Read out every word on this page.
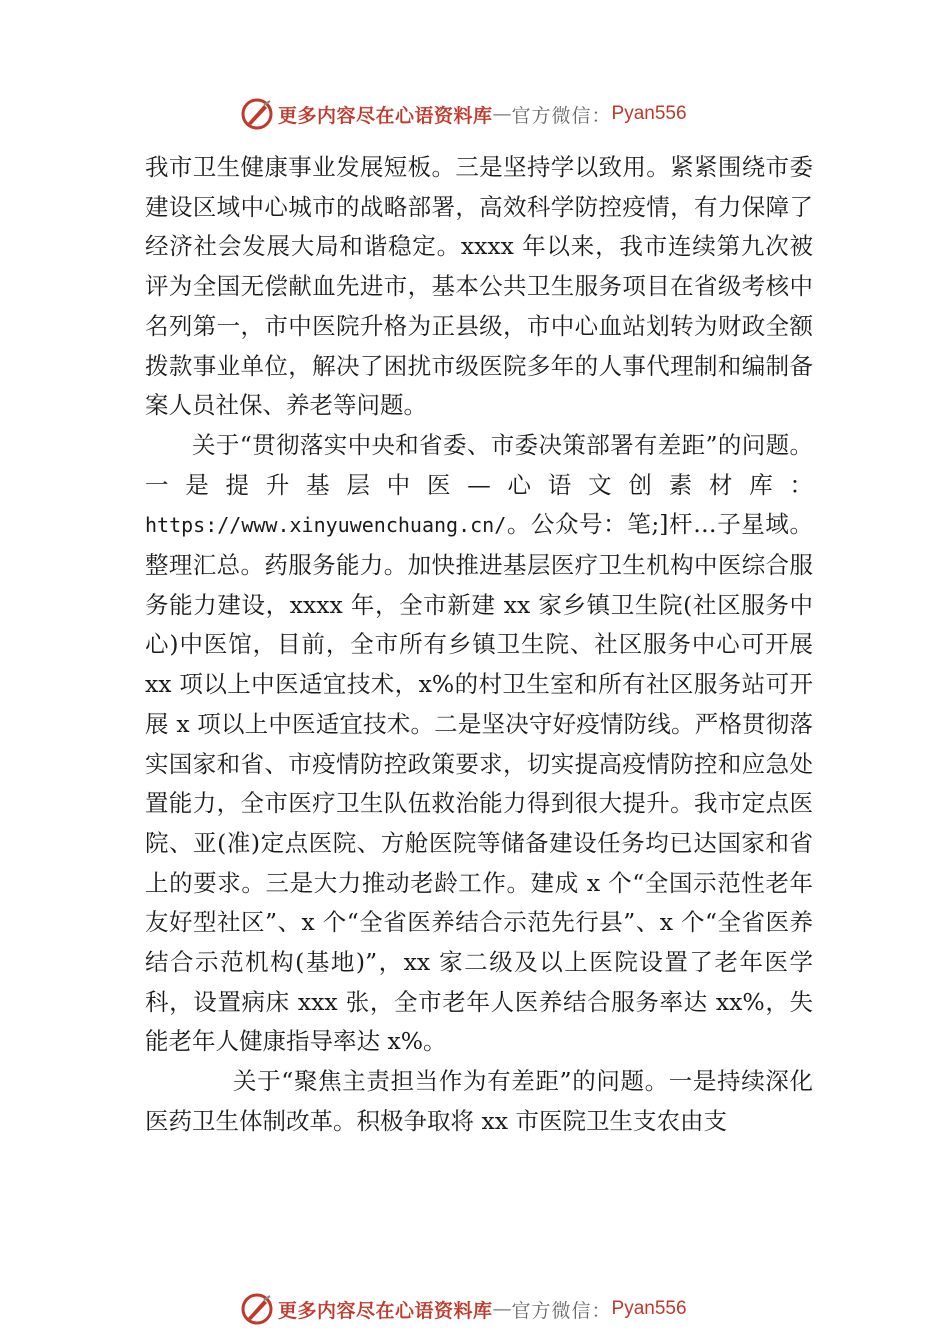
更多内容尽在心语资料库 — 官方微信： Pyan556

我市卫生健康事业发展短板。三是坚持学以致用。紧紧围绕市委建设区域中心城市的战略部署，高效科学防控疫情，有力保障了经济社会发展大局和谐稳定。xxxx 年以来，我市连续第九次被评为全国无偿献血先进市，基本公共卫生服务项目在省级考核中名列第一，市中医院升格为正县级，市中心血站划转为财政全额拨款事业单位，解决了困扰市级医院多年的人事代理制和编制备案人员社保、养老等问题。

关于“贯彻落实中央和省委、市委决策部署有差距”的问题。一是提升基层中医—心语文创素材库：https://www.xinyuwenchuang.cn/。公众号：笔;]杆…子星域。整理汇总。药服务能力。加快推进基层医疗卫生机构中医综合服务能力建设，xxxx 年，全市新建 xx 家乡镇卫生院(社区服务中心)中医馆，目前，全市所有乡镇卫生院、社区服务中心可开展 xx 项以上中医适宜技术，x%的村卫生室和所有社区服务站可开展 x 项以上中医适宜技术。二是坚决守好疫情防线。严格贯彻落实国家和省、市疫情防控政策要求，切实提高疫情防控和应急处置能力，全市医疗卫生队伍救治能力得到很大提升。我市定点医院、亚(准)定点医院、方舱医院等储备建设任务均已达国家和省上的要求。三是大力推动老龄工作。建成 x 个“全国示范性老年友好型社区”、x 个“全省医养结合示范先行县”、x 个“全省医养结合示范机构(基地)”，xx 家二级及以上医院设置了老年医学科，设置病床 xxx 张，全市老年人医养结合服务率达 xx%，失能老年人健康指导率达 x%。

关于“聚焦主责担当作为有差距”的问题。一是持续深化医药卫生体制改革。积极争取将 xx 市医院卫生支农由支

更多内容尽在心语资料库 — 官方微信： Pyan556
